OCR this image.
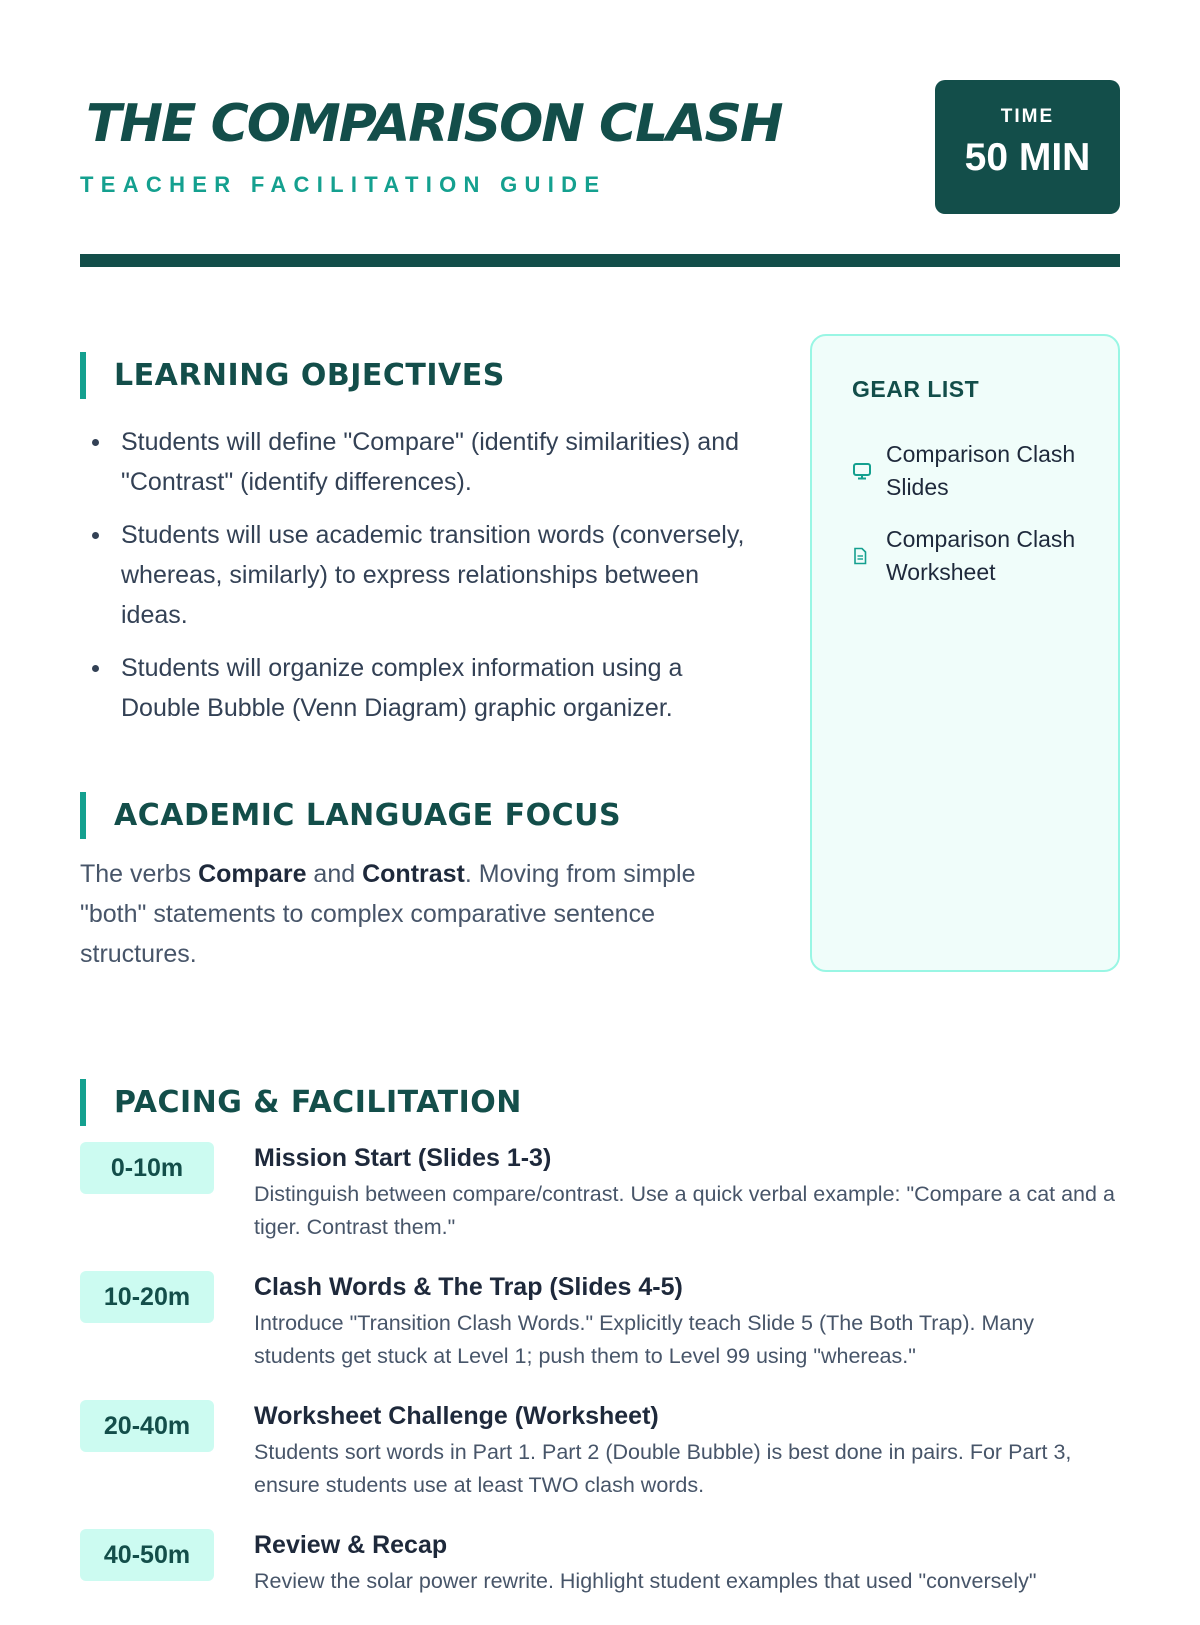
THE COMPARISON CLASH

TEACHER FACILITATION GUIDE

TIME
50 MIN
LEARNING OBJECTIVES
Students will define "Compare" (identify similarities) and "Contrast" (identify differences).
Students will use academic transition words (conversely, whereas, similarly) to express relationships between ideas.
Students will organize complex information using a Double Bubble (Venn Diagram) graphic organizer.
ACADEMIC LANGUAGE FOCUS

The verbs Compare and Contrast. Moving from simple "both" statements to complex comparative sentence structures.

GEAR LIST
Comparison Clash Slides
Comparison Clash Worksheet
PACING & FACILITATION
0-10m	Mission Start (Slides 1-3)

Distinguish between compare/contrast. Use a quick verbal example: "Compare a cat and a tiger. Contrast them."

10-20m	Clash Words & The Trap (Slides 4-5)

Introduce "Transition Clash Words." Explicitly teach Slide 5 (The Both Trap). Many students get stuck at Level 1; push them to Level 99 using "whereas."

20-40m	Worksheet Challenge (Worksheet)

Students sort words in Part 1. Part 2 (Double Bubble) is best done in pairs. For Part 3, ensure students use at least TWO clash words.

40-50m	Review & Recap

Review the solar power rewrite. Highlight student examples that used "conversely"
